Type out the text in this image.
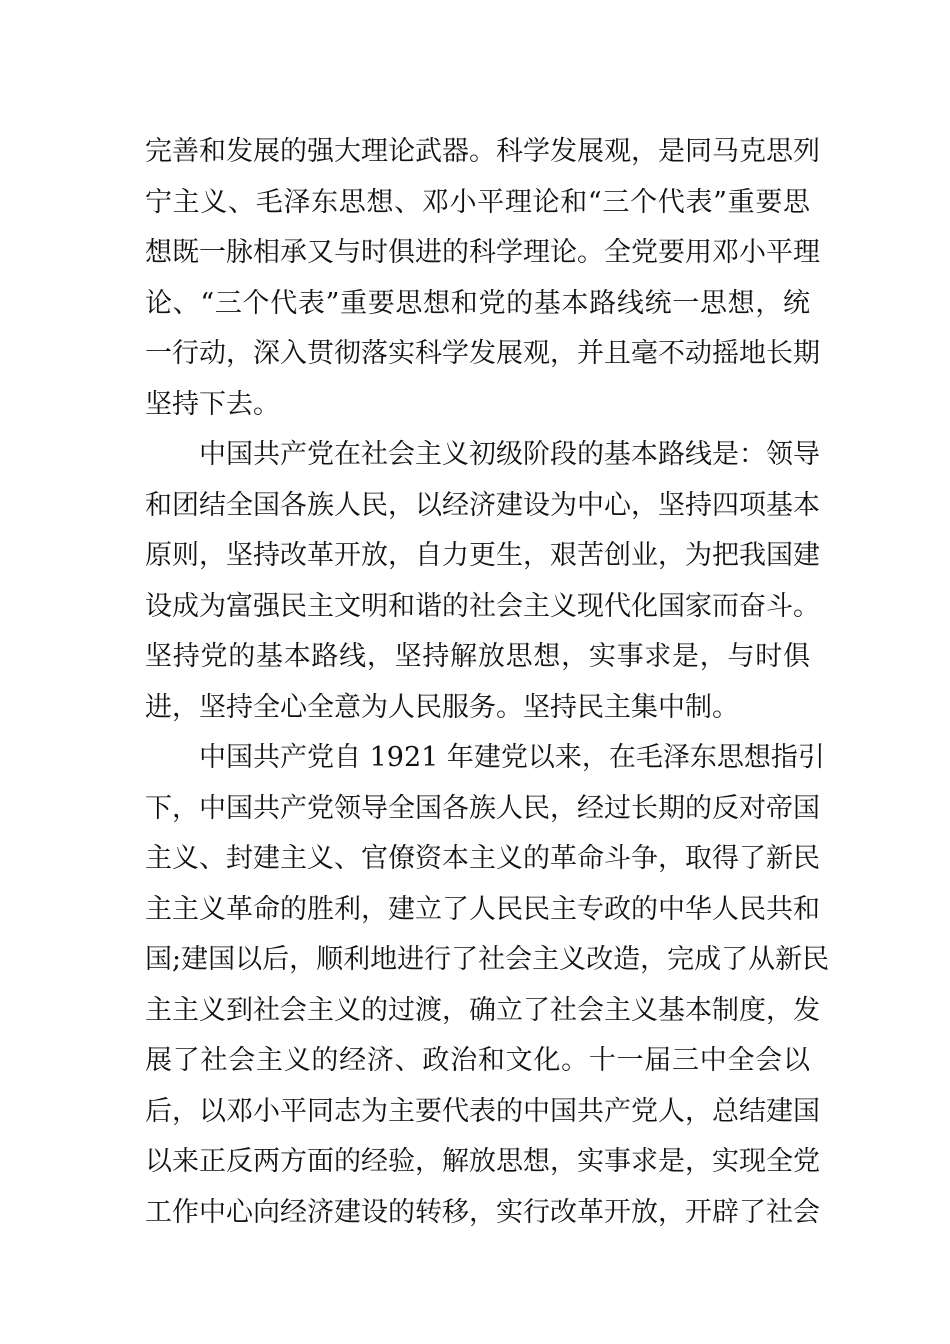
完善和发展的强大理论武器。科学发展观，是同马克思列
宁主义、毛泽东思想、邓小平理论和“三个代表”重要思
想既一脉相承又与时俱进的科学理论。全党要用邓小平理
论、“三个代表”重要思想和党的基本路线统一思想，统
一行动，深入贯彻落实科学发展观，并且毫不动摇地长期
坚持下去。
中国共产党在社会主义初级阶段的基本路线是：领导
和团结全国各族人民，以经济建设为中心，坚持四项基本
原则，坚持改革开放，自力更生，艰苦创业，为把我国建
设成为富强民主文明和谐的社会主义现代化国家而奋斗。
坚持党的基本路线，坚持解放思想，实事求是，与时俱
进，坚持全心全意为人民服务。坚持民主集中制。
中国共产党自 1921 年建党以来，在毛泽东思想指引
下，中国共产党领导全国各族人民，经过长期的反对帝国
主义、封建主义、官僚资本主义的革命斗争，取得了新民
主主义革命的胜利，建立了人民民主专政的中华人民共和
国;建国以后，顺利地进行了社会主义改造，完成了从新民
主主义到社会主义的过渡，确立了社会主义基本制度，发
展了社会主义的经济、政治和文化。十一届三中全会以
后，以邓小平同志为主要代表的中国共产党人，总结建国
以来正反两方面的经验，解放思想，实事求是，实现全党
工作中心向经济建设的转移，实行改革开放，开辟了社会
